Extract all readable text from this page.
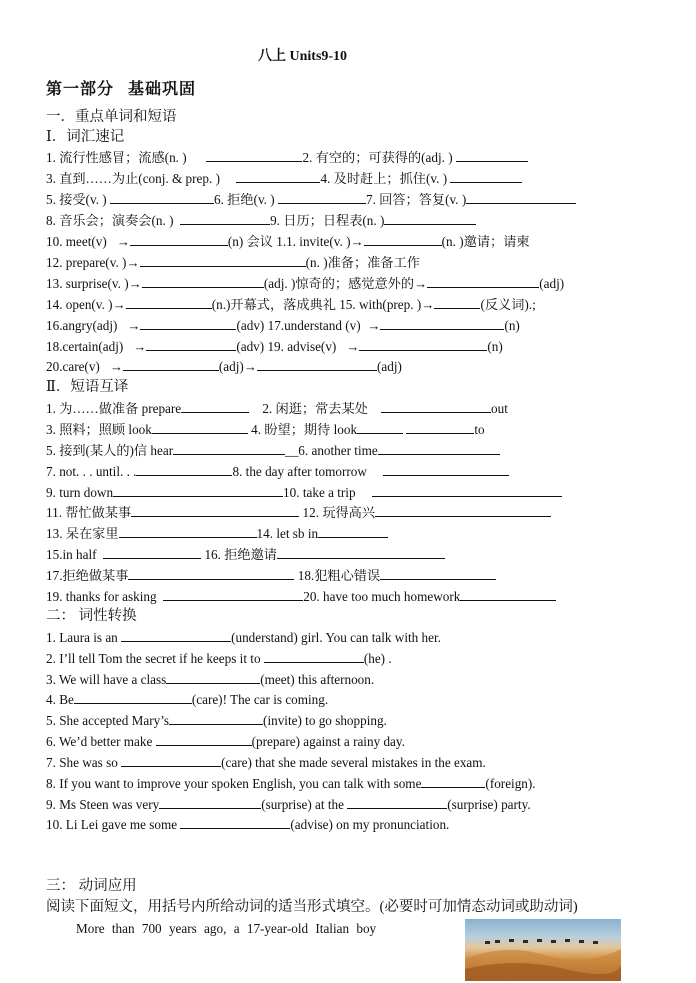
八上 Units9-10
第一部分 基础巩固
一．重点单词和短语
Ⅰ．词汇速记
1. 流行性感冒；流感(n. )	2. 有空的；可获得的(adj. )
3. 直到……为止(conj. & prep. )	4. 及时赶上；抓住(v. )
5. 接受(v. )	6. 拒绝(v. )	7. 回答；答复(v. )
8. 音乐会；演奏会(n. )	9. 日历；日程表(n. )
10. meet(v)   →	(n) 会议 1.1. invite(v. )→	(n. )邀请；请柬
12. prepare(v. )→	(n. )准备；准备工作
13. surprise(v. )→	(adj. )惊奇的；感觉意外的→	(adj)
14. open(v. )→	(n.)开幕式，落成典礼 15. with(prep. )→	(反义词).;
16.angry(adj)   →	(adv) 17.understand (v)  →	(n)
18.certain(adj)   →	(adv) 19. advise(v)   →	(n)
20.care(v)   →	(adj)→	(adj)
Ⅱ．短语互译
1. 为……做准备 prepare	2. 闲逛；常去某处	out
3. 照料；照顾 look	4. 盼望；期待 look	to
5. 接到(某人的)信 hear	__6. another time
7. not. . . until. . .	8. the day after tomorrow
9. turn down	10. take a trip
11. 帮忙做某事	12. 玩得高兴
13. 呆在家里	14. let sb in
15.in half	16. 拒绝邀请
17.拒绝做某事	18.犯粗心错误
19. thanks for asking	20. have too much homework
二： 词性转换
1. Laura is an	(understand) girl. You can talk with her.
2. I’ll tell Tom the secret if he keeps it to	(he) .
3. We will have a class	(meet) this afternoon.
4. Be	(care)! The car is coming.
5. She accepted Mary’s	(invite) to go shopping.
6. We’d better make	(prepare) against a rainy day.
7. She was so	(care) that she made several mistakes in the exam.
8. If you want to improve your spoken English, you can talk with some	(foreign).
9. Ms Steen was very	(surprise) at the	(surprise) party.
10. Li Lei gave me some	(advise) on my pronunciation.
三： 动词应用
阅读下面短文，用括号内所给动词的适当形式填空。(必要时可加情态动词或助动词)
More than 700 years ago, a 17-year-old Italian boy
